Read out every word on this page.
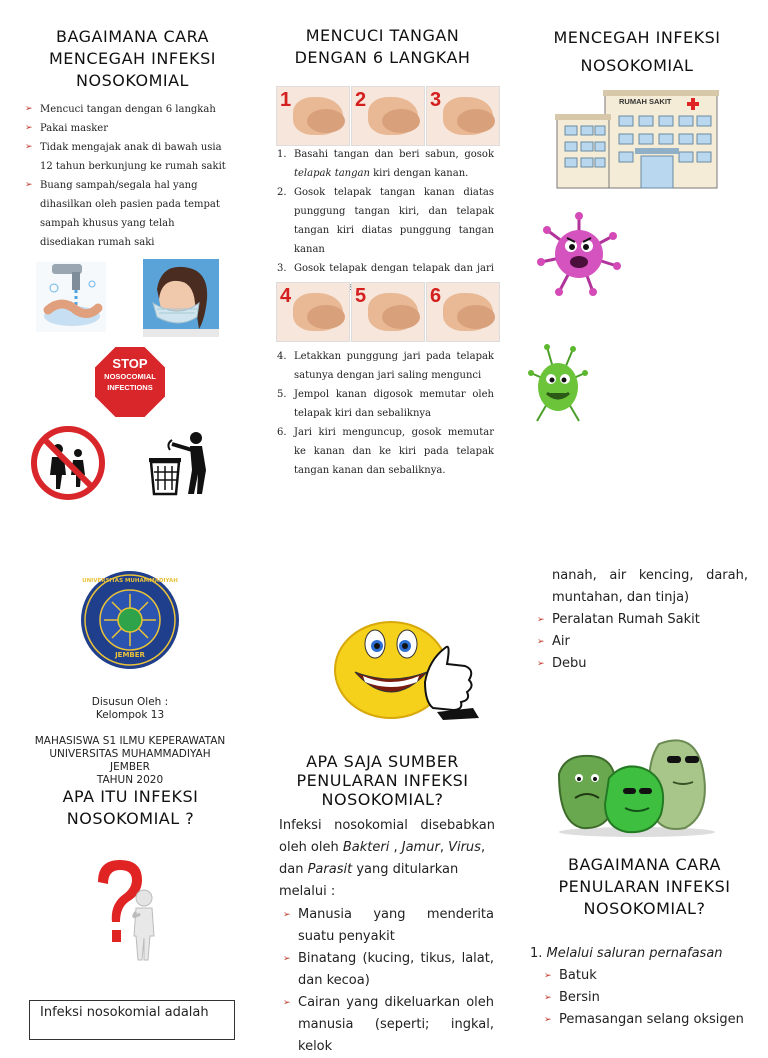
BAGAIMANA CARA
MENCEGAH INFEKSI
NOSOKOMIAL
➢ Mencuci tangan dengan 6 langkah
➢ Pakai masker
➢ Tidak mengajak anak di bawah usia 12 tahun berkunjung ke rumah sakit
➢ Buang sampah/segala hal yang dihasilkan oleh pasien pada tempat sampah khusus yang telah disediakan rumah saki
STOP
NOSOCOMIAL
INFECTIONS
MENCUCI TANGAN
DENGAN 6 LANGKAH
1	2	3
Basahi tangan dan beri sabun, gosok telapak tangan kiri dengan kanan.
Gosok telapak tangan kanan diatas punggung tangan kiri, dan telapak tangan kiri diatas punggung tangan kanan
Gosok telapak dengan telapak dan jari
4	5	6
Letakkan punggung jari pada telapak satunya dengan jari saling mengunci
Jempol kanan digosok memutar oleh telapak kiri dan sebaliknya
Jari kiri menguncup, gosok memutar ke kanan dan ke kiri pada telapak tangan kanan dan sebaliknya.
MENCEGAH INFEKSI
NOSOKOMIAL
RUMAH SAKIT
UNIVERSITAS MUHAMMADIYAH
JEMBER
Disusun Oleh :
Kelompok 13
MAHASISWA S1 ILMU KEPERAWATAN
UNIVERSITAS MUHAMMADIYAH
JEMBER
TAHUN 2020
APA ITU INFEKSI
NOSOKOMIAL ?
Infeksi nosokomial adalah
APA SAJA SUMBER
PENULARAN INFEKSI
NOSOKOMIAL?
Infeksi nosokomial disebabkan
oleh oleh Bakteri , Jamur, Virus,
dan Parasit yang ditularkan
melalui :
➢ Manusia yang menderita suatu penyakit
➢ Binatang (kucing, tikus, lalat, dan kecoa)
➢ Cairan yang dikeluarkan oleh manusia (seperti; ingkal, kelok
nanah, air kencing, darah, muntahan, dan tinja)
➢ Peralatan Rumah Sakit
➢ Air
➢ Debu
BAGAIMANA CARA
PENULARAN INFEKSI
NOSOKOMIAL?
1. Melalui saluran pernafasan
➢ Batuk
➢ Bersin
➢ Pemasangan selang oksigen
